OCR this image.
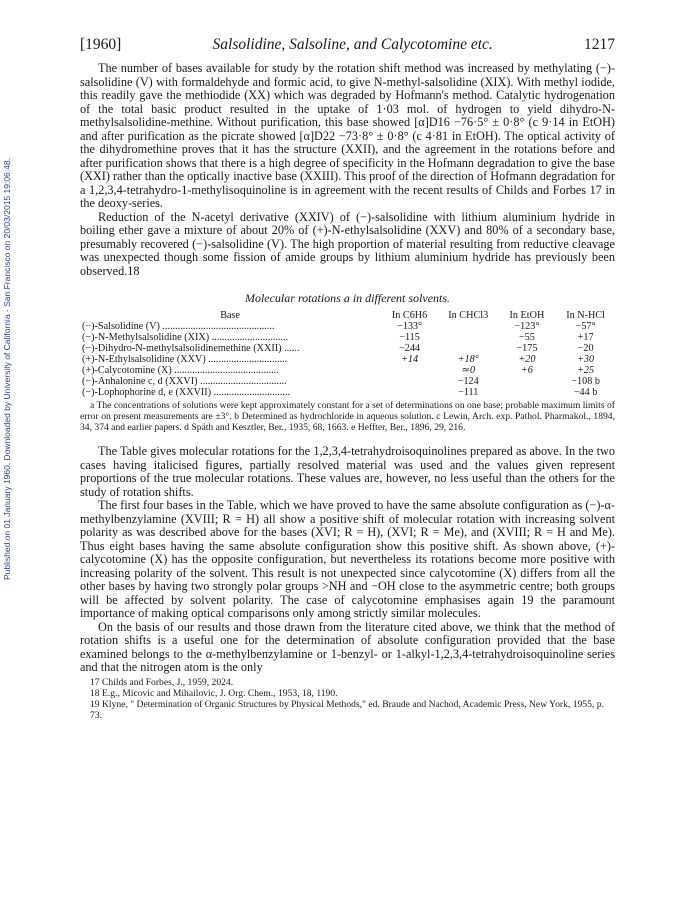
Published on 01 January 1960. Downloaded by University of California - San Francisco on 20/03/2015 19:06:48.
[1960]	Salsolidine, Salsoline, and Calycotomine etc.	1217

The number of bases available for study by the rotation shift method was increased by methylating (−)-salsolidine (V) with formaldehyde and formic acid, to give N-methyl-salsolidine (XIX). With methyl iodide, this readily gave the methiodide (XX) which was degraded by Hofmann's method. Catalytic hydrogenation of the total basic product resulted in the uptake of 1·03 mol. of hydrogen to yield dihydro-N-methylsalsolidine-methine. Without purification, this base showed [α]D16 −76·5° ± 0·8° (c 9·14 in EtOH) and after purification as the picrate showed [α]D22 −73·8° ± 0·8° (c 4·81 in EtOH). The optical activity of the dihydromethine proves that it has the structure (XXII), and the agreement in the rotations before and after purification shows that there is a high degree of specificity in the Hofmann degradation to give the base (XXI) rather than the optically inactive base (XXIII). This proof of the direction of Hofmann degradation for a 1,2,3,4-tetrahydro-1-methylisoquinoline is in agreement with the recent results of Childs and Forbes 17 in the deoxy-series.

Reduction of the N-acetyl derivative (XXIV) of (−)-salsolidine with lithium aluminium hydride in boiling ether gave a mixture of about 20% of (+)-N-ethylsalsolidine (XXV) and 80% of a secondary base, presumably recovered (−)-salsolidine (V). The high proportion of material resulting from reductive cleavage was unexpected though some fission of amide groups by lithium aluminium hydride has previously been observed.18

Molecular rotations a in different solvents.
Base	In C6H6	In CHCl3	In EtOH	In N-HCl
(−)-Salsolidine (V) ............................................	−133°		−123°	−57°
(−)-N-Methylsalsolidine (XIX) ..............................	−115		−55	+17
(−)-Dihydro-N-methylsalsolidinemethine (XXII) ......	−244		−175	−20
(+)-N-Ethylsalsolidine (XXV) ...............................	+14	+18°	+20	+30
(+)-Calycotomine (X) .........................................		≃0	+6	+25
(−)-Anhalonine c, d (XXVI) ..................................		−124		−108 b
(−)-Lophophorine d, e (XXVII) ..............................		−111		−44 b
a The concentrations of solutions were kept approximately constant for a set of determinations on one base; probable maximum limits of error on present measurements are ±3°. b Determined as hydrochloride in aqueous solution. c Lewin, Arch. exp. Pathol. Pharmakol., 1894, 34, 374 and earlier papers. d Späth and Kesztler, Ber., 1935, 68, 1663. e Heffter, Ber., 1896, 29, 216.

The Table gives molecular rotations for the 1,2,3,4-tetrahydroisoquinolines prepared as above. In the two cases having italicised figures, partially resolved material was used and the values given represent proportions of the true molecular rotations. These values are, however, no less useful than the others for the study of rotation shifts.

The first four bases in the Table, which we have proved to have the same absolute configuration as (−)-α-methylbenzylamine (XVIII; R = H) all show a positive shift of molecular rotation with increasing solvent polarity as was described above for the bases (XVI; R = H), (XVI; R = Me), and (XVIII; R = H and Me). Thus eight bases having the same absolute configuration show this positive shift. As shown above, (+)-calycotomine (X) has the opposite configuration, but nevertheless its rotations become more positive with increasing polarity of the solvent. This result is not unexpected since calycotomine (X) differs from all the other bases by having two strongly polar groups >NH and −OH close to the asymmetric centre; both groups will be affected by solvent polarity. The case of calycotomine emphasises again 19 the paramount importance of making optical comparisons only among strictly similar molecules.

On the basis of our results and those drawn from the literature cited above, we think that the method of rotation shifts is a useful one for the determination of absolute configuration provided that the base examined belongs to the α-methylbenzylamine or 1-benzyl- or 1-alkyl-1,2,3,4-tetrahydroisoquinoline series and that the nitrogen atom is the only

17 Childs and Forbes, J., 1959, 2024.
18 E.g., Micovic and Mihailovic, J. Org. Chem., 1953, 18, 1190.
19 Klyne, " Determination of Organic Structures by Physical Methods," ed. Braude and Nachod, Academic Press, New York, 1955, p. 73.
